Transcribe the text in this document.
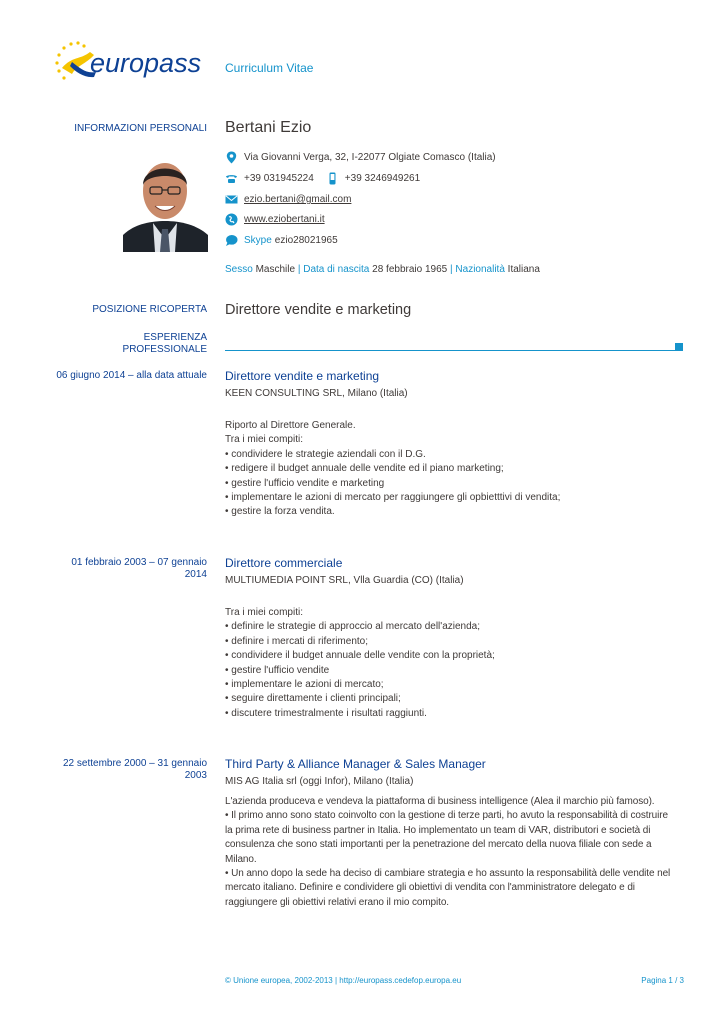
europass Curriculum Vitae
INFORMAZIONI PERSONALI Bertani Ezio
Via Giovanni Verga, 32, I-22077 Olgiate Comasco (Italia)
+39 031945224	+39 3246949261
ezio.bertani@gmail.com
www.eziobertani.it
Skype ezio28021965
Sesso Maschile | Data di nascita 28 febbraio 1965 | Nazionalità Italiana
POSIZIONE RICOPERTA Direttore vendite e marketing
ESPERIENZA
PROFESSIONALE
06 giugno 2014 – alla data attuale Direttore vendite e marketing
KEEN CONSULTING SRL, Milano (Italia)
Riporto al Direttore Generale.
Tra i miei compiti:
• condividere le strategie aziendali con il D.G.
• redigere il budget annuale delle vendite ed il piano marketing;
• gestire l'ufficio vendite e marketing
• implementare le azioni di mercato per raggiungere gli opbietttivi di vendita;
• gestire la forza vendita.
01 febbraio 2003 – 07 gennaio
2014
Direttore commerciale
MULTIUMEDIA POINT SRL, Vlla Guardia (CO) (Italia)
Tra i miei compiti:
• definire le strategie di approccio al mercato dell'azienda;
• definire i mercati di riferimento;
• condividere il budget annuale delle vendite con la proprietà;
• gestire l'ufficio vendite
• implementare le azioni di mercato;
• seguire direttamente i clienti principali;
• discutere trimestralmente i risultati raggiunti.
22 settembre 2000 – 31 gennaio
2003
Third Party & Alliance Manager & Sales Manager
MIS AG Italia srl (oggi Infor), Milano (Italia)
L'azienda produceva e vendeva la piattaforma di business intelligence (Alea il marchio più famoso).
• Il primo anno sono stato coinvolto con la gestione di terze parti, ho avuto la responsabilità di costruire la prima rete di business partner in Italia. Ho implementato un team di VAR, distributori e società di consulenza che sono stati importanti per la penetrazione del mercato della nuova filiale con sede a Milano.
• Un anno dopo la sede ha deciso di cambiare strategia e ho assunto la responsabilità delle vendite nel mercato italiano. Definire e condividere gli obiettivi di vendita con l'amministratore delegato e di raggiungere gli obiettivi relativi erano il mio compito.
© Unione europea, 2002-2013 | http://europass.cedefop.europa.eu	Pagina 1 / 3
